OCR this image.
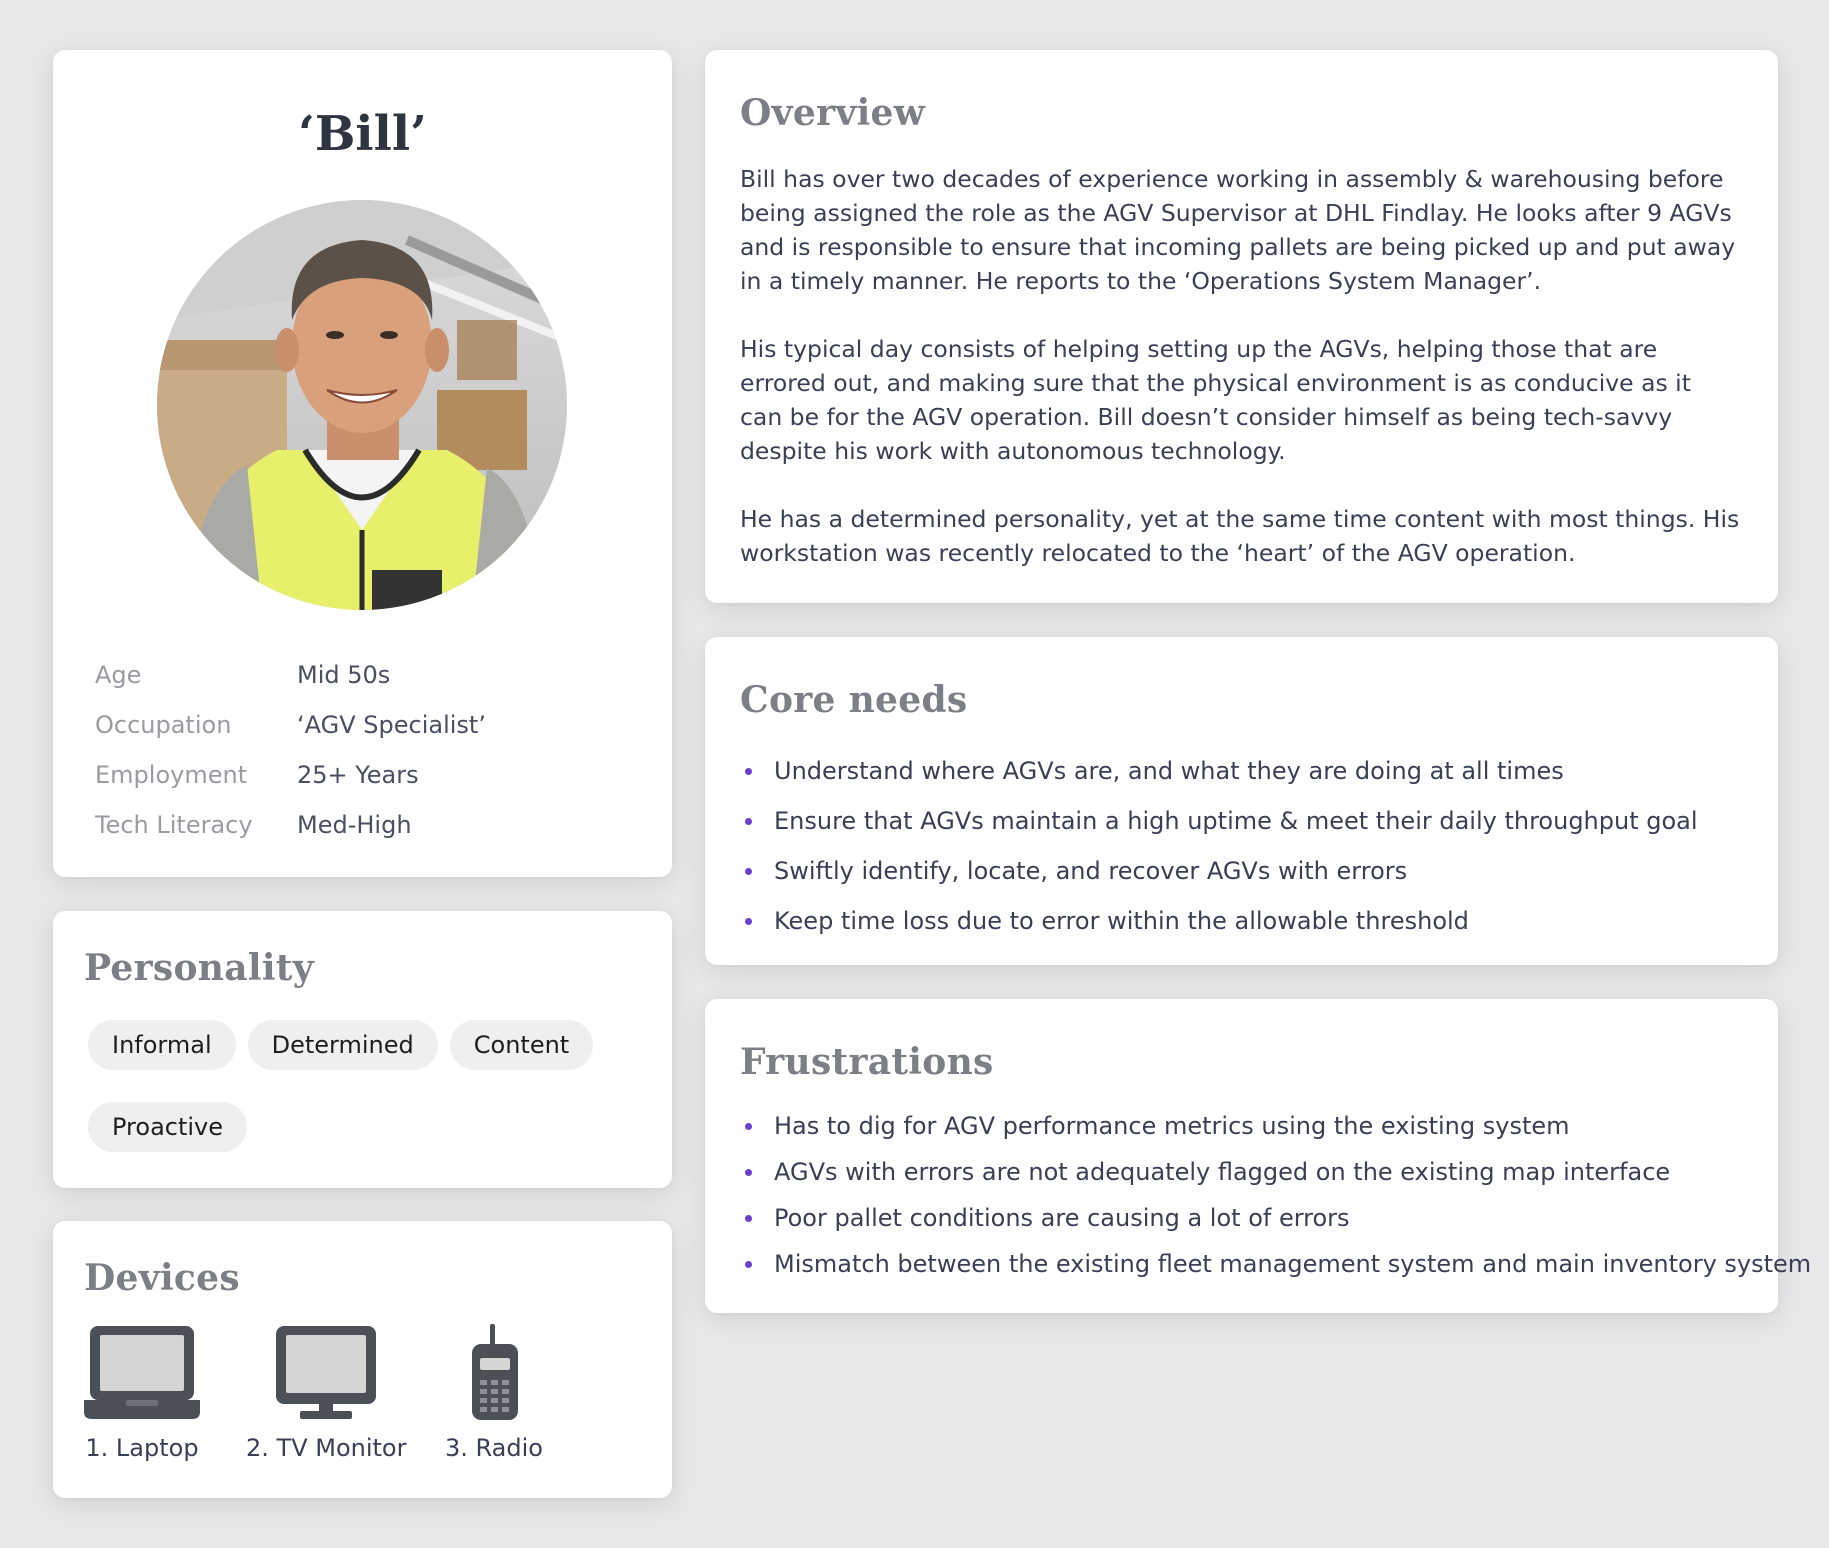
‘Bill’
Age	Mid 50s
Occupation	‘AGV Specialist’
Employment	25+ Years
Tech Literacy	Med-High
Personality
Informal	Determined	Content
Proactive
Devices
1. Laptop 2. TV Monitor 3. Radio
Overview

Bill has over two decades of experience working in assembly & warehousing before being assigned the role as the AGV Supervisor at DHL Findlay. He looks after 9 AGVs and is responsible to ensure that incoming pallets are being picked up and put away in a timely manner. He reports to the ‘Operations System Manager’.

His typical day consists of helping setting up the AGVs, helping those that are errored out, and making sure that the physical environment is as conducive as it can be for the AGV operation. Bill doesn’t consider himself as being tech-savvy despite his work with autonomous technology.

He has a determined personality, yet at the same time content with most things. His workstation was recently relocated to the ‘heart’ of the AGV operation.

Core needs
Understand where AGVs are, and what they are doing at all times
Ensure that AGVs maintain a high uptime & meet their daily throughput goal
Swiftly identify, locate, and recover AGVs with errors
Keep time loss due to error within the allowable threshold
Frustrations
Has to dig for AGV performance metrics using the existing system
AGVs with errors are not adequately flagged on the existing map interface
Poor pallet conditions are causing a lot of errors
Mismatch between the existing fleet management system and main inventory system
